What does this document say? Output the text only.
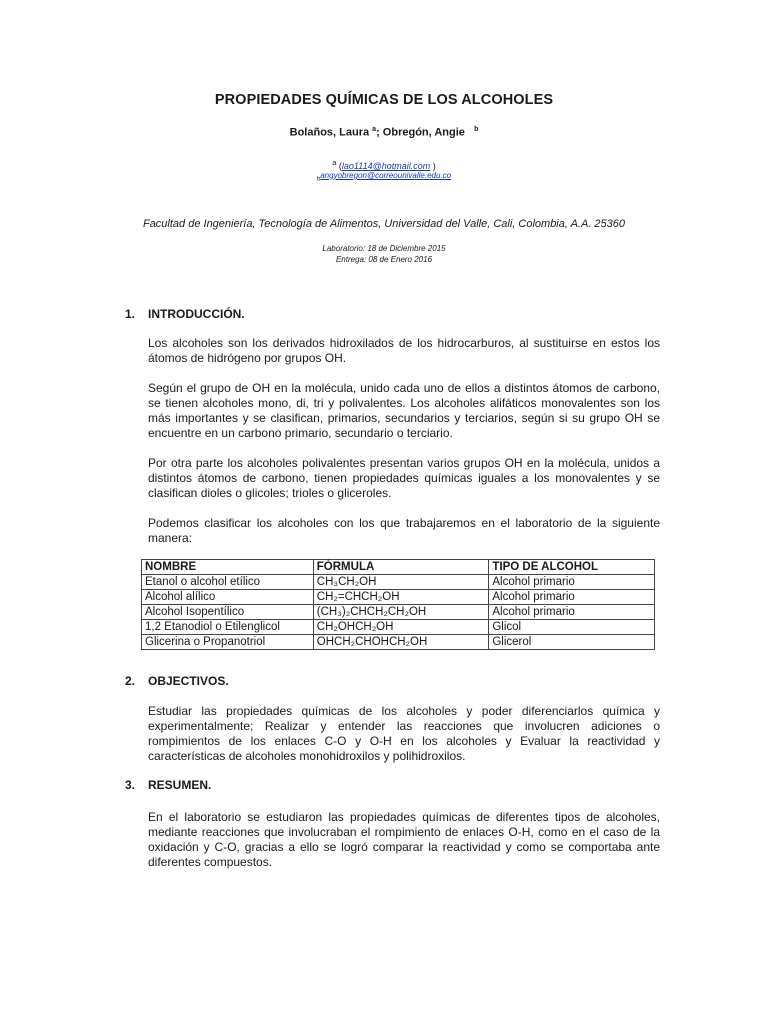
PROPIEDADES QUÍMICAS DE LOS ALCOHOLES
Bolaños, Laura $^a$; Obregón, Angie $^b$
$^a$ (lao1114@hotmail.com )
$_b$angyobregon@correounivalle.edu.co
Facultad de Ingeniería, Tecnología de Alimentos, Universidad del Valle, Cali, Colombia, A.A. 25360
Laboratorio: 18 de Diciembre 2015
Entrega: 08 de Enero 2016
1. INTRODUCCIÓN.
Los alcoholes son los derivados hidroxilados de los hidrocarburos, al sustituirse en estos los átomos de hidrógeno por grupos OH.
Según el grupo de OH en la molécula, unido cada uno de ellos a distintos átomos de carbono, se tienen alcoholes mono, di, tri y polivalentes. Los alcoholes alifáticos monovalentes son los más importantes y se clasifican, primarios, secundarios y terciarios, según si su grupo OH se encuentre en un carbono primario, secundario o terciario.
Por otra parte los alcoholes polivalentes presentan varios grupos OH en la molécula, unidos a distintos átomos de carbono, tienen propiedades químicas iguales a los monovalentes y se clasifican dioles o glicoles; trioles o gliceroles.
Podemos clasificar los alcoholes con los que trabajaremos en el laboratorio de la siguiente manera:
NOMBRE	FÓRMULA	TIPO DE ALCOHOL
Etanol o alcohol etílico	CH₃CH₂OH	Alcohol primario
Alcohol alílico	CH₂=CHCH₂OH	Alcohol primario
Alcohol Isopentílico	(CH₃)₂CHCH₂CH₂OH	Alcohol primario
1,2 Etanodiol o Etilenglicol	CH₂OHCH₂OH	Glicol
Glicerina o Propanotriol	OHCH₂CHOHCH₂OH	Glicerol
2. OBJECTIVOS.
Estudiar las propiedades químicas de los alcoholes y poder diferenciarlos química y experimentalmente; Realizar y entender las reacciones que involucren adiciones o rompimientos de los enlaces C-O y O-H en los alcoholes y Evaluar la reactividad y características de alcoholes monohidroxilos y polihidroxilos.
3. RESUMEN.
En el laboratorio se estudiaron las propiedades químicas de diferentes tipos de alcoholes, mediante reacciones que involucraban el rompimiento de enlaces O-H, como en el caso de la oxidación y C-O, gracias a ello se logró comparar la reactividad y como se comportaba ante diferentes compuestos.
